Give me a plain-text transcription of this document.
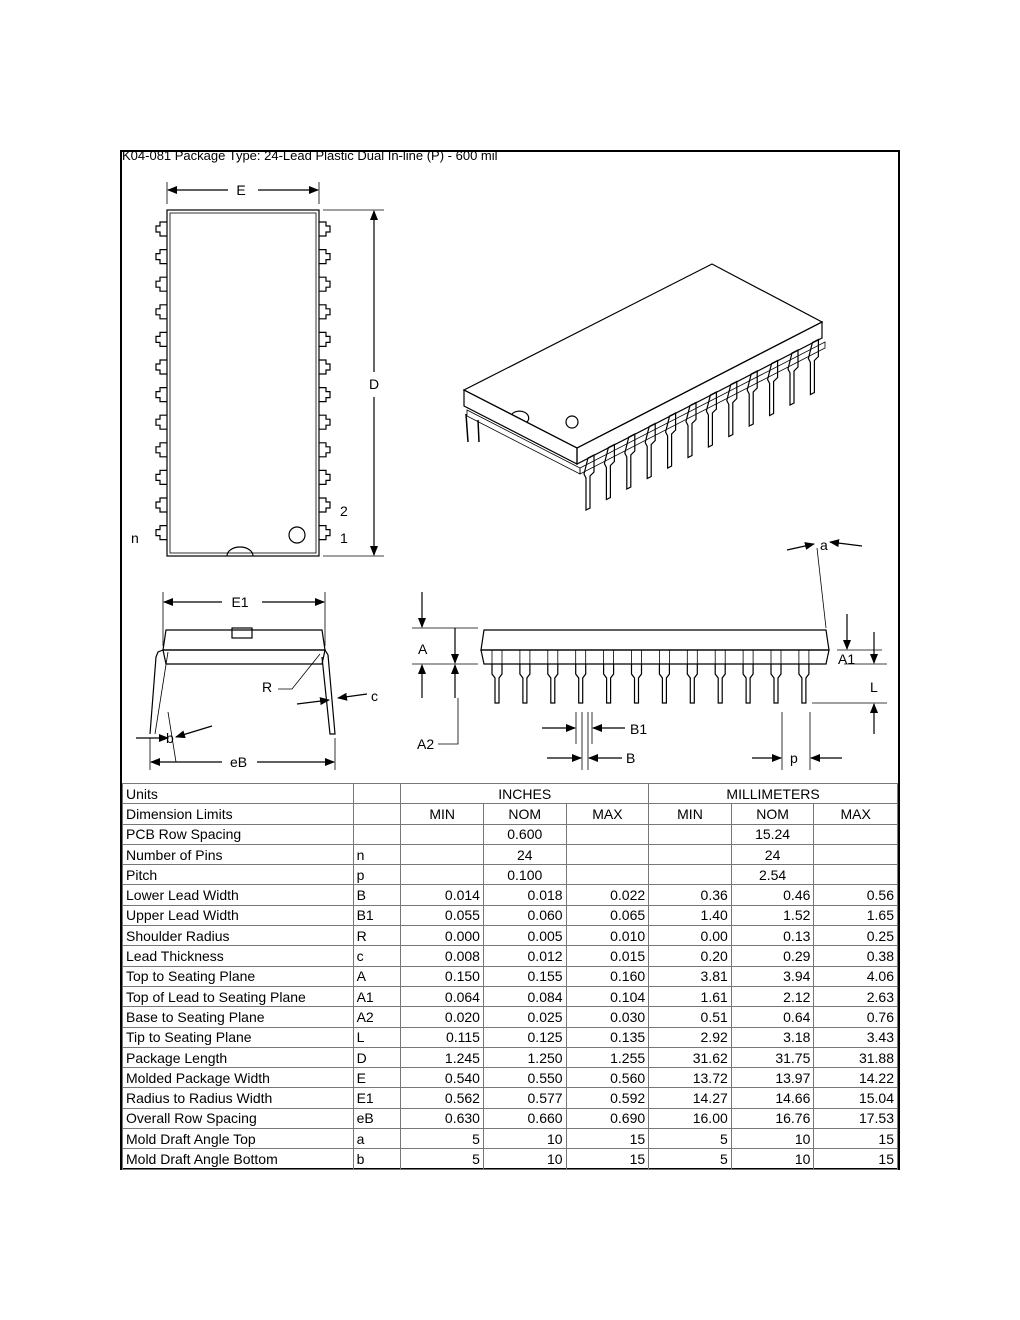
K04-081 Package Type: 24-Lead Plastic Dual In-line (P) - 600 mil
E
D
2
1
n
E1
R
c
b
eB
a
A
A1
L
A2
B1
B	p
Units		INCHES			MILLIMETERS		
Dimension Limits		MIN	NOM	MAX	MIN	NOM	MAX
PCB Row Spacing			0.600			15.24	
Number of Pins	n		24			24	
Pitch	p		0.100			2.54	
Lower Lead Width	B	0.014	0.018	0.022	0.36	0.46	0.56
Upper Lead Width	B1	0.055	0.060	0.065	1.40	1.52	1.65
Shoulder Radius	R	0.000	0.005	0.010	0.00	0.13	0.25
Lead Thickness	c	0.008	0.012	0.015	0.20	0.29	0.38
Top to Seating Plane	A	0.150	0.155	0.160	3.81	3.94	4.06
Top of Lead to Seating Plane	A1	0.064	0.084	0.104	1.61	2.12	2.63
Base to Seating Plane	A2	0.020	0.025	0.030	0.51	0.64	0.76
Tip to Seating Plane	L	0.115	0.125	0.135	2.92	3.18	3.43
Package Length	D	1.245	1.250	1.255	31.62	31.75	31.88
Molded Package Width	E	0.540	0.550	0.560	13.72	13.97	14.22
Radius to Radius Width	E1	0.562	0.577	0.592	14.27	14.66	15.04
Overall Row Spacing	eB	0.630	0.660	0.690	16.00	16.76	17.53
Mold Draft Angle Top	a	5	10	15	5	10	15
Mold Draft Angle Bottom	b	5	10	15	5	10	15
